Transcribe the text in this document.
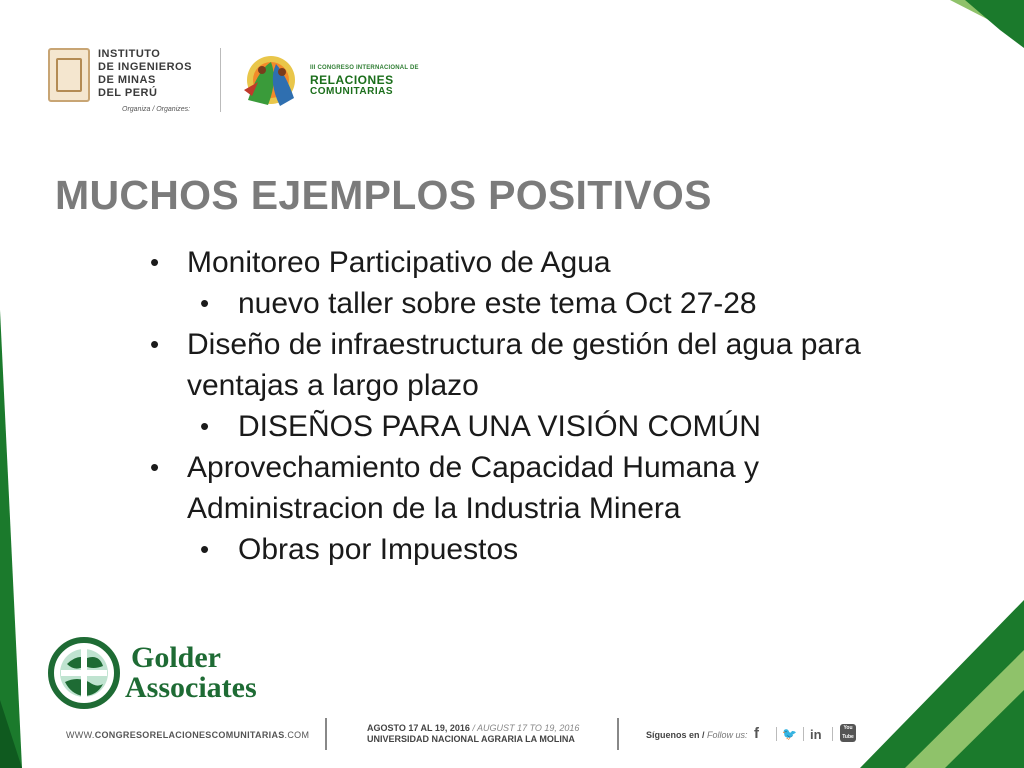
INSTITUTO
DE INGENIEROS
DE MINAS
DEL PERÚ
Organiza / Organizes:
III CONGRESO INTERNACIONAL DE
RELACIONES
COMUNITARIAS
MUCHOS EJEMPLOS POSITIVOS
• Monitoreo Participativo de Agua
• nuevo taller sobre este tema Oct 27-28
• Diseño de infraestructura de gestión del agua para ventajas a largo plazo
• DISEÑOS PARA UNA VISIÓN COMÚN
• Aprovechamiento de Capacidad Humana y Administracion de la Industria Minera
• Obras por Impuestos
Golder
Associates
WWW.CONGRESORELACIONESCOMUNITARIAS.COM
AGOSTO 17 AL 19, 2016 / AUGUST 17 TO 19, 2016
UNIVERSIDAD NACIONAL AGRARIA LA MOLINA	Síguenos en / Follow us: f 🐦 in	You
Tube
